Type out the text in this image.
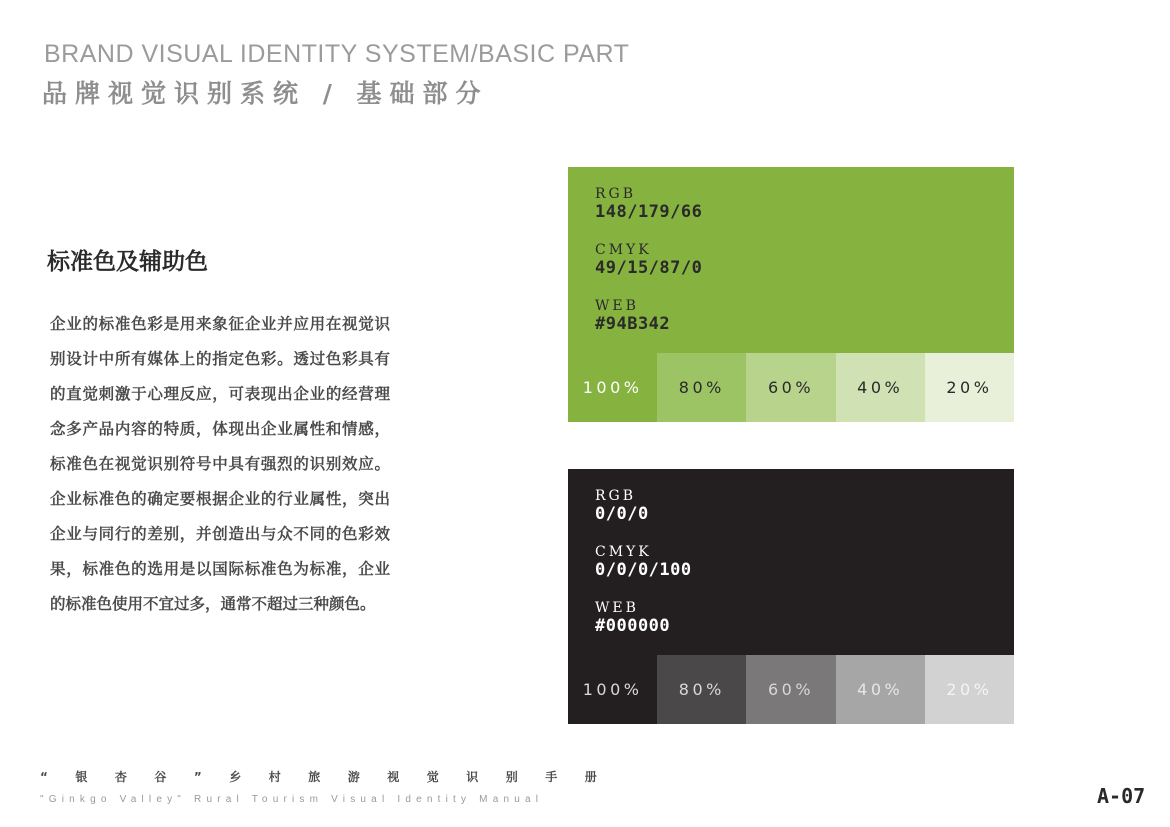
BRAND VISUAL IDENTITY SYSTEM/BASIC PART
品牌视觉识别系统 / 基础部分
标准色及辅助色
企业的标准色彩是用来象征企业并应用在视觉识别设计中所有媒体上的指定色彩。透过色彩具有的直觉刺激于心理反应，可表现出企业的经营理念多产品内容的特质，体现出企业属性和情感，标准色在视觉识别符号中具有强烈的识别效应。企业标准色的确定要根据企业的行业属性，突出企业与同行的差别，并创造出与众不同的色彩效果，标准色的选用是以国际标准色为标准，企业的标准色使用不宜过多，通常不超过三种颜色。
RGB
148/179/66
CMYK
49/15/87/0
WEB
#94B342
100%	80%	60%	40%	20%
RGB
0/0/0
CMYK
0/0/0/100
WEB
#000000
100%	80%	60%	40%	20%
“银杏谷”乡村旅游视觉识别手册
"Ginkgo Valley" Rural Tourism Visual Identity Manual	A-07
